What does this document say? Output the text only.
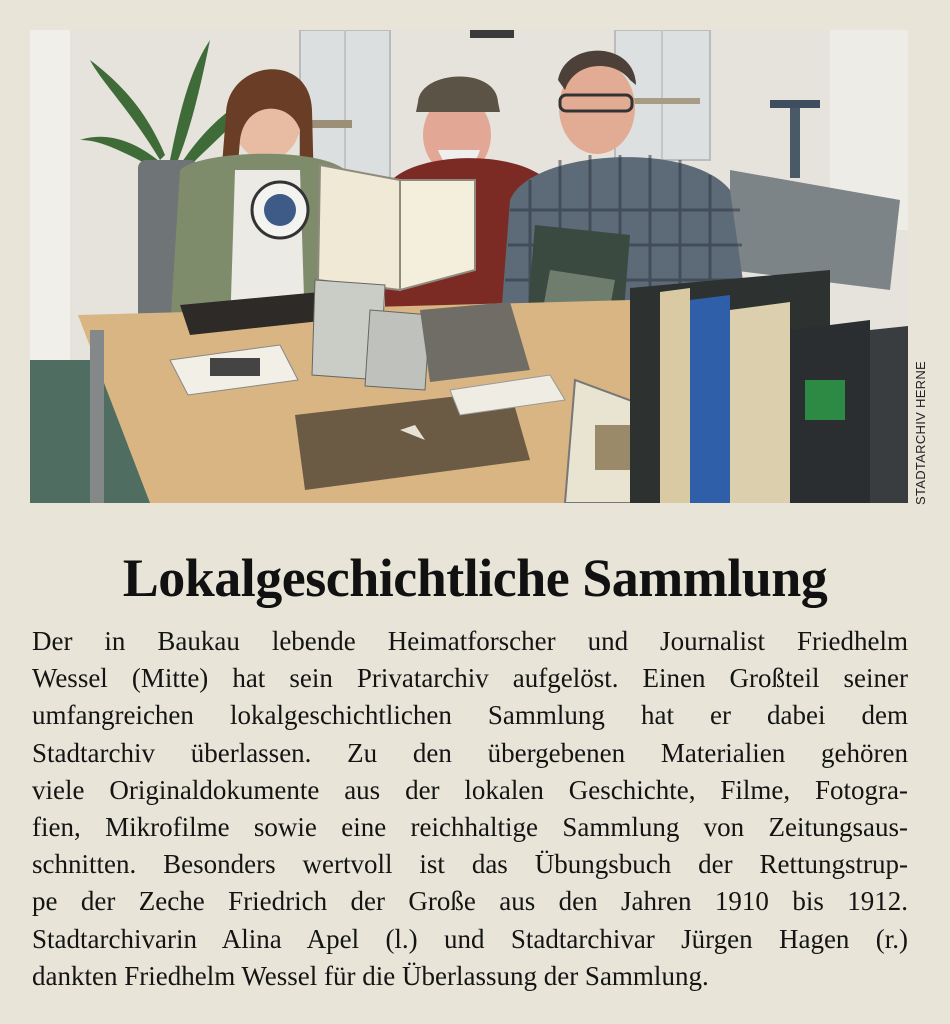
STADTARCHIV HERNE
Lokalgeschichtliche Sammlung
Der in Baukau lebende Heimatforscher und Journalist Friedhelm
Wessel (Mitte) hat sein Privatarchiv aufgelöst. Einen Großteil seiner
umfangreichen lokalgeschichtlichen Sammlung hat er dabei dem
Stadtarchiv überlassen. Zu den übergebenen Materialien gehören
viele Originaldokumente aus der lokalen Geschichte, Filme, Fotogra-
fien, Mikrofilme sowie eine reichhaltige Sammlung von Zeitungsaus-
schnitten. Besonders wertvoll ist das Übungsbuch der Rettungstrup-
pe der Zeche Friedrich der Große aus den Jahren 1910 bis 1912.
Stadtarchivarin Alina Apel (l.) und Stadtarchivar Jürgen Hagen (r.)
dankten Friedhelm Wessel für die Überlassung der Sammlung.
